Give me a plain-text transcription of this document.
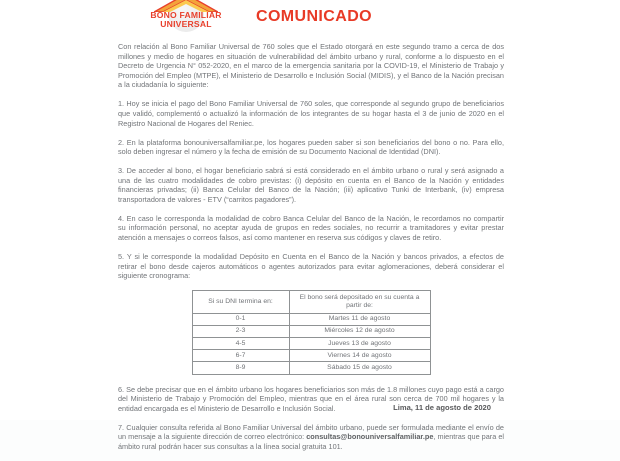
BONO FAMILIAR
UNIVERSAL	COMUNICADO

Con relación al Bono Familiar Universal de 760 soles que el Estado otorgará en este segundo tramo a cerca de dos millones y medio de hogares en situación de vulnerabilidad del ámbito urbano y rural, conforme a lo dispuesto en el Decreto de Urgencia N° 052-2020, en el marco de la emergencia sanitaria por la COVID-19, el Ministerio de Trabajo y Promoción del Empleo (MTPE), el Ministerio de Desarrollo e Inclusión Social (MIDIS), y el Banco de la Nación precisan a la ciudadanía lo siguiente:

1. Hoy se inicia el pago del Bono Familiar Universal de 760 soles, que corresponde al segundo grupo de beneficiarios que validó, complementó o actualizó la información de los integrantes de su hogar hasta el 3 de junio de 2020 en el Registro Nacional de Hogares del Reniec.

2. En la plataforma bonouniversalfamiliar.pe, los hogares pueden saber si son beneficiarios del bono o no. Para ello, solo deben ingresar el número y la fecha de emisión de su Documento Nacional de Identidad (DNI).

3. De acceder al bono, el hogar beneficiario sabrá si está considerado en el ámbito urbano o rural y será asignado a una de las cuatro modalidades de cobro previstas: (i) depósito en cuenta en el Banco de la Nación y entidades financieras privadas; (ii) Banca Celular del Banco de la Nación; (iii) aplicativo Tunki de Interbank, (iv) empresa transportadora de valores - ETV (“carritos pagadores”).

4. En caso le corresponda la modalidad de cobro Banca Celular del Banco de la Nación, le recordamos no compartir su información personal, no aceptar ayuda de grupos en redes sociales, no recurrir a tramitadores y evitar prestar atención a mensajes o correos falsos, así como mantener en reserva sus códigos y claves de retiro.

5. Y si le corresponde la modalidad Depósito en Cuenta en el Banco de la Nación y bancos privados, a efectos de retirar el bono desde cajeros automáticos o agentes autorizados para evitar aglomeraciones, deberá considerar el siguiente cronograma:

Si su DNI termina en:	El bono será depositado en su cuenta a partir de:
0-1	Martes 11 de agosto
2-3	Miércoles 12 de agosto
4-5	Jueves 13 de agosto
6-7	Viernes 14 de agosto
8-9	Sábado 15 de agosto

6. Se debe precisar que en el ámbito urbano los hogares beneficiarios son más de 1.8 millones cuyo pago está a cargo del Ministerio de Trabajo y Promoción del Empleo, mientras que en el área rural son cerca de 700 mil hogares y la entidad encargada es el Ministerio de Desarrollo e Inclusión Social.

7. Cualquier consulta referida al Bono Familiar Universal del ámbito urbano, puede ser formulada mediante el envío de un mensaje a la siguiente dirección de correo electrónico: consultas@bonouniversalfamiliar.pe, mientras que para el ámbito rural podrán hacer sus consultas a la línea social gratuita 101.

Lima, 11 de agosto de 2020
